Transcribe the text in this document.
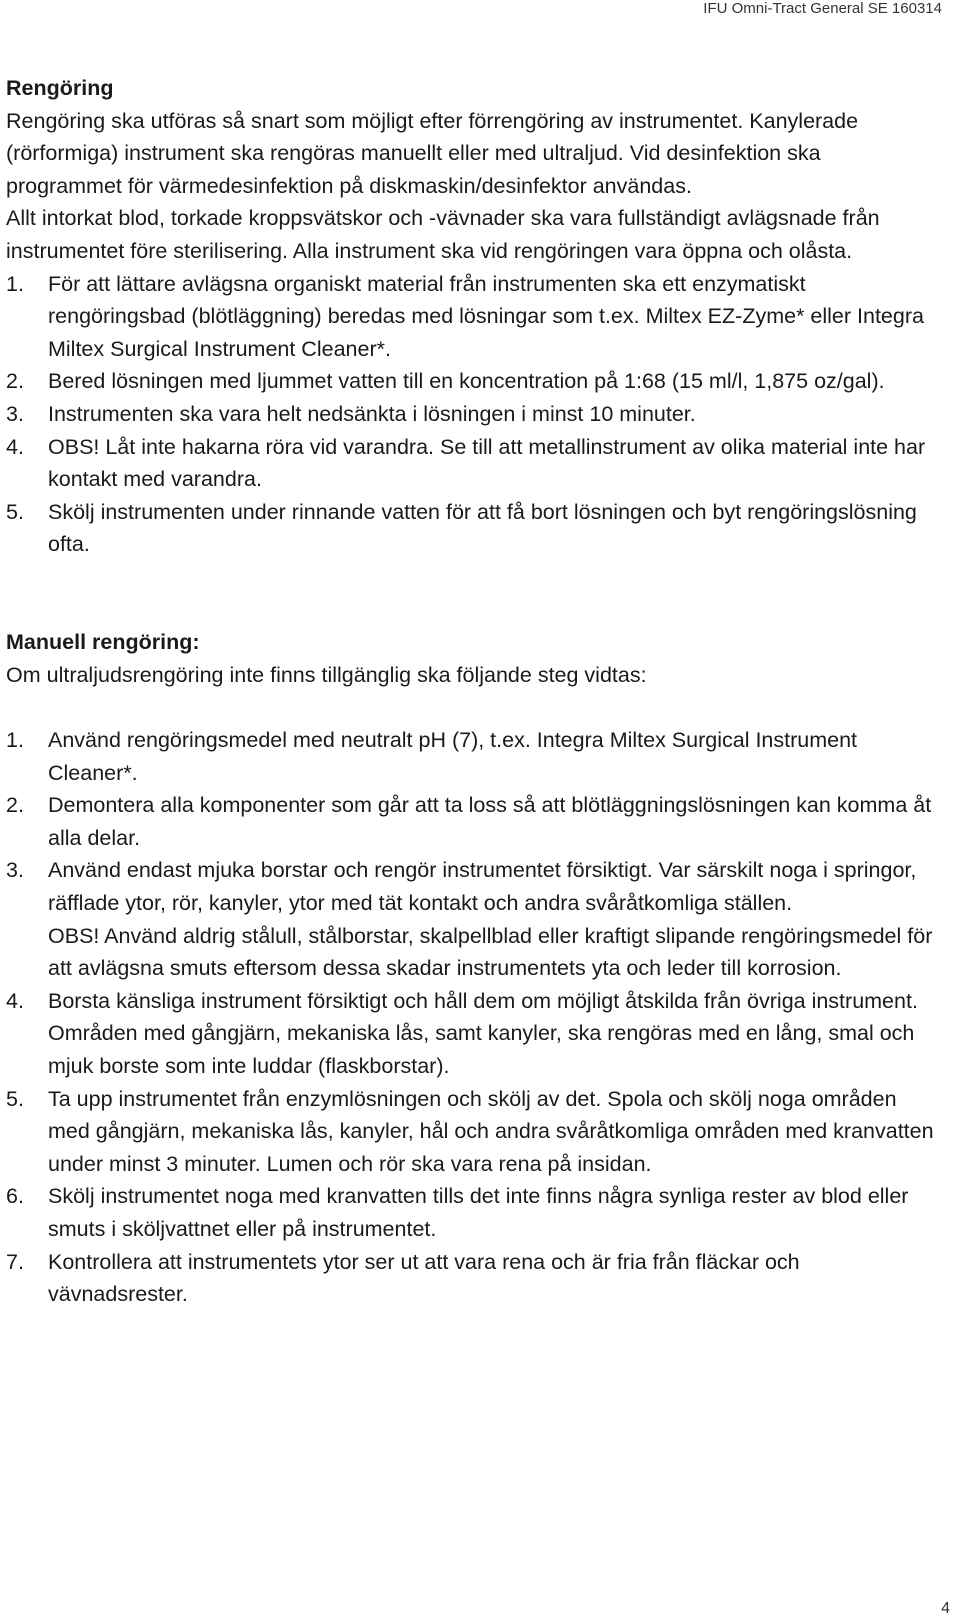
IFU Omni-Tract General SE 160314

Rengöring

Rengöring ska utföras så snart som möjligt efter förrengöring av instrumentet. Kanylerade (rörformiga) instrument ska rengöras manuellt eller med ultraljud. Vid desinfektion ska programmet för värmedesinfektion på diskmaskin/desinfektor användas.

Allt intorkat blod, torkade kroppsvätskor och -vävnader ska vara fullständigt avlägsnade från instrumentet före sterilisering. Alla instrument ska vid rengöringen vara öppna och olåsta.

1. För att lättare avlägsna organiskt material från instrumenten ska ett enzymatiskt rengöringsbad (blötläggning) beredas med lösningar som t.ex. Miltex EZ-Zyme* eller Integra Miltex Surgical Instrument Cleaner*.
2. Bered lösningen med ljummet vatten till en koncentration på 1:68 (15 ml/l, 1,875 oz/gal).
3. Instrumenten ska vara helt nedsänkta i lösningen i minst 10 minuter.
4. OBS! Låt inte hakarna röra vid varandra. Se till att metallinstrument av olika material inte har kontakt med varandra.
5. Skölj instrumenten under rinnande vatten för att få bort lösningen och byt rengöringslösning ofta.

Manuell rengöring:

Om ultraljudsrengöring inte finns tillgänglig ska följande steg vidtas:

1. Använd rengöringsmedel med neutralt pH (7), t.ex. Integra Miltex Surgical Instrument Cleaner*.
2. Demontera alla komponenter som går att ta loss så att blötläggningslösningen kan komma åt alla delar.
3. Använd endast mjuka borstar och rengör instrumentet försiktigt. Var särskilt noga i springor, räfflade ytor, rör, kanyler, ytor med tät kontakt och andra svåråtkomliga ställen.
OBS! Använd aldrig stålull, stålborstar, skalpellblad eller kraftigt slipande rengöringsmedel för att avlägsna smuts eftersom dessa skadar instrumentets yta och leder till korrosion.
4. Borsta känsliga instrument försiktigt och håll dem om möjligt åtskilda från övriga instrument. Områden med gångjärn, mekaniska lås, samt kanyler, ska rengöras med en lång, smal och mjuk borste som inte luddar (flaskborstar).
5. Ta upp instrumentet från enzymlösningen och skölj av det. Spola och skölj noga områden med gångjärn, mekaniska lås, kanyler, hål och andra svåråtkomliga områden med kranvatten under minst 3 minuter. Lumen och rör ska vara rena på insidan.
6. Skölj instrumentet noga med kranvatten tills det inte finns några synliga rester av blod eller smuts i sköljvattnet eller på instrumentet.
7. Kontrollera att instrumentets ytor ser ut att vara rena och är fria från fläckar och vävnadsrester.
4
